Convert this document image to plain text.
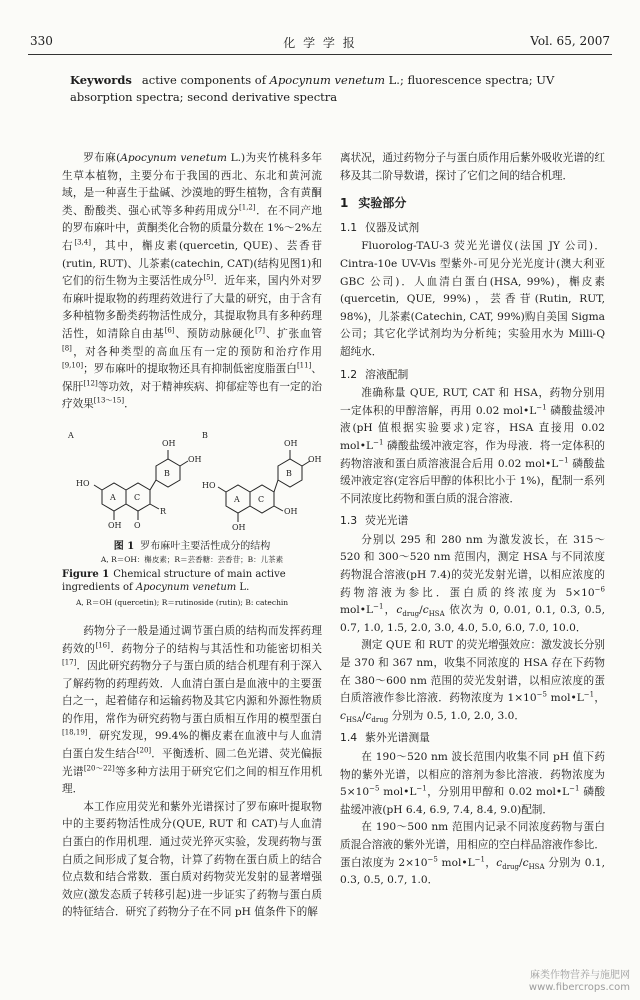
330	化 学 学 报	Vol. 65, 2007
Keywords active components of Apocynum venetum L.; fluorescence spectra; UV absorption spectra; second derivative spectra

罗布麻(Apocynum venetum L.)为夹竹桃科多年生草本植物，主要分布于我国的西北、东北和黄河流域，是一种喜生于盐碱、沙漠地的野生植物，含有黄酮类、酚酸类、强心甙等多种药用成分[1,2]．在不同产地的罗布麻叶中，黄酮类化合物的质量分数在 1%～2%左右[3,4]，其中，槲皮素(quercetin, QUE)、芸香苷(rutin, RUT)、儿茶素(catechin, CAT)(结构见图1)和它们的衍生物为主要活性成分[5]．近年来，国内外对罗布麻叶提取物的药理药效进行了大量的研究，由于含有多种植物多酚类药物活性成分，其提取物具有多种药理活性，如清除自由基[6]、预防动脉硬化[7]、扩张血管[8]，对各种类型的高血压有一定的预防和治疗作用[9,10]；罗布麻叶的提取物还具有抑制低密度脂蛋白[11]、保肝[12]等功效，对于精神疾病、抑郁症等也有一定的治疗效果[13～15]．

A	B
A C
B
HO
OH O
R
OH
OH
A C
B
HO
OH
OH
OH
OH
图 1 罗布麻叶主要活性成分的结构
A, R＝OH：槲皮素；R＝芸香糖：芸香苷；B：儿茶素
Figure 1 Chemical structure of main active ingredients of Apocynum venetum L.
A, R＝OH (quercetin); R＝rutinoside (rutin); B: catechin

药物分子一般是通过调节蛋白质的结构而发挥药理药效的[16]．药物分子的结构与其活性和功能密切相关[17]．因此研究药物分子与蛋白质的结合机理有利于深入了解药物的药理药效．人血清白蛋白是血液中的主要蛋白之一，起着储存和运输药物及其它内源和外源性物质的作用，常作为研究药物与蛋白质相互作用的模型蛋白[18,19]．研究发现，99.4%的槲皮素在血液中与人血清白蛋白发生结合[20]．平衡透析、圆二色光谱、荧光偏振光谱[20～22]等多种方法用于研究它们之间的相互作用机理．

本工作应用荧光和紫外光谱探讨了罗布麻叶提取物中的主要药物活性成分(QUE, RUT 和 CAT)与人血清白蛋白的作用机理．通过荧光猝灭实验，发现药物与蛋白质之间形成了复合物，计算了药物在蛋白质上的结合位点数和结合常数．蛋白质对药物荧光发射的显著增强效应(激发态质子转移引起)进一步证实了药物与蛋白质的特征结合．研究了药物分子在不同 pH 值条件下的解

离状况，通过药物分子与蛋白质作用后紫外吸收光谱的红移及其二阶导数谱，探讨了它们之间的结合机理．

1 实验部分
1.1 仪器及试剂

Fluorolog-TAU-3 荧光光谱仪(法国 JY 公司)．Cintra-10e UV-Vis 型紫外-可见分光光度计(澳大利亚 GBC 公司)．人血清白蛋白(HSA, 99%)，槲皮素(quercetin, QUE, 99%)，芸香苷(Rutin, RUT, 98%)，儿茶素(Catechin, CAT, 99%)购自美国 Sigma 公司；其它化学试剂均为分析纯；实验用水为 Milli-Q 超纯水．

1.2 溶液配制

准确称量 QUE, RUT, CAT 和 HSA，药物分别用一定体积的甲醇溶解，再用 0.02 $mol•L^{-1}$ 磷酸盐缓冲液(pH 值根据实验要求)定容，HSA 直接用 0.02 $mol•L^{-1}$ 磷酸盐缓冲液定容，作为母液．将一定体积的药物溶液和蛋白质溶液混合后用 0.02 $mol•L^{-1}$ 磷酸盐缓冲液定容(定容后甲醇的体积比小于 1%)，配制一系列不同浓度比药物和蛋白质的混合溶液．

1.3 荧光光谱

分别以 295 和 280 nm 为激发波长，在 315～520 和 300～520 nm 范围内，测定 HSA 与不同浓度药物混合溶液(pH 7.4)的荧光发射光谱，以相应浓度的药物溶液为参比．蛋白质的终浓度为 $5\times 10^{-6}$ $mol•L^{-1}$，$c_{drug}/c_{HSA}$ 依次为 0, 0.01, 0.1, 0.3, 0.5, 0.7, 1.0, 1.5, 2.0, 3.0, 4.0, 5.0, 6.0, 7.0, 10.0．

测定 QUE 和 RUT 的荧光增强效应：激发波长分别是 370 和 367 nm，收集不同浓度的 HSA 存在下药物在 380～600 nm 范围的荧光发射谱，以相应浓度的蛋白质溶液作参比溶液．药物浓度为 $1\times 10^{-5}$ $mol•L^{-1}$，$c_{HSA}/c_{drug}$ 分别为 0.5, 1.0, 2.0, 3.0．

1.4 紫外光谱测量

在 190～520 nm 波长范围内收集不同 pH 值下药物的紫外光谱，以相应的溶剂为参比溶液．药物浓度为 $5\times 10^{-5}$ $mol•L^{-1}$，分别用甲醇和 0.02 $mol•L^{-1}$ 磷酸盐缓冲液(pH 6.4, 6.9, 7.4, 8.4, 9.0)配制．

在 190～500 nm 范围内记录不同浓度药物与蛋白质混合溶液的紫外光谱，用相应的空白样品溶液作参比．蛋白浓度为 $2\times 10^{-5}$ $mol•L^{-1}$，$c_{drug}/c_{HSA}$ 分别为 0.1, 0.3, 0.5, 0.7, 1.0．

麻类作物营养与施肥网
www.fibercrops.com
